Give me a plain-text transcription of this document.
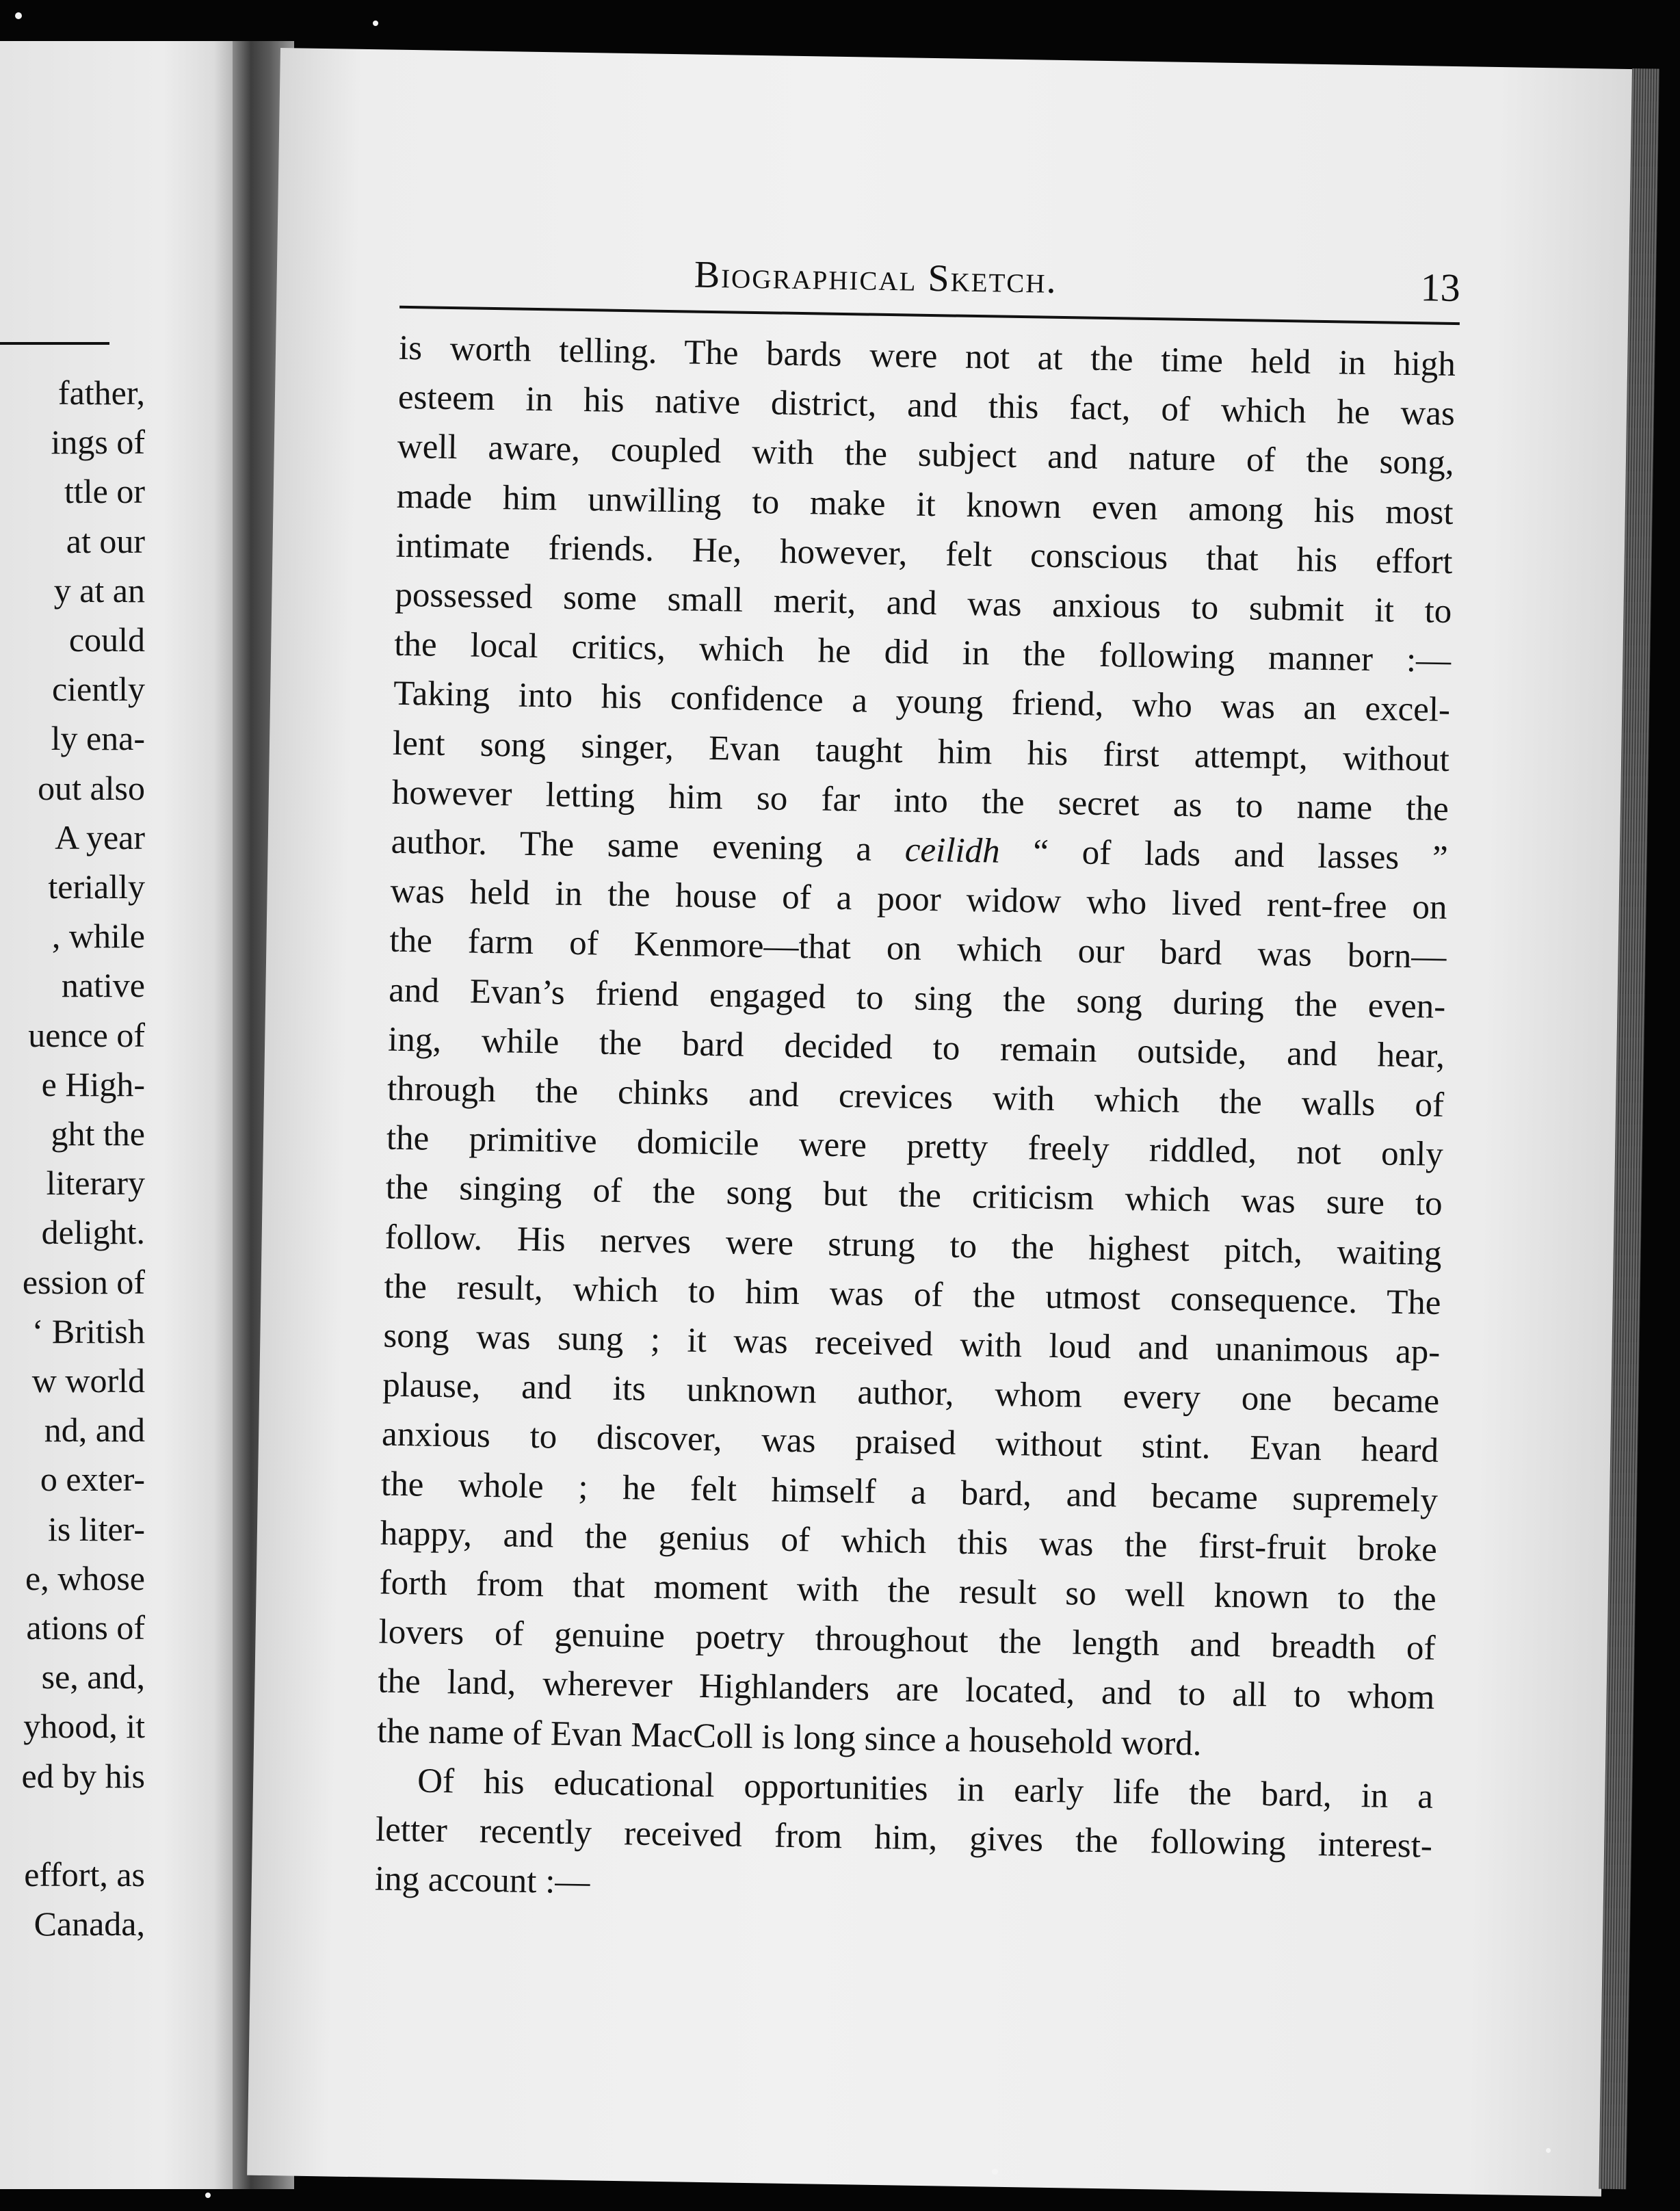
father,
ings of
ttle or
at our
y at an
could
ciently
ly ena-
out also
A year
terially
, while
native
uence of
e High-
ght the
literary
delight.
ession of
‘ British
w world
nd, and
o exter-
is liter-
e, whose
ations of
se, and,
yhood, it
ed by his
effort, as
Canada,
Biographical Sketch.	13

is worth telling. The bards were not at the time held in high
esteem in his native district, and this fact, of which he was
well aware, coupled with the subject and nature of the song,
made him unwilling to make it known even among his most
intimate friends. He, however, felt conscious that his effort
possessed some small merit, and was anxious to submit it to
the local critics, which he did in the following manner :—
Taking into his confidence a young friend, who was an excel-
lent song singer, Evan taught him his first attempt, without
however letting him so far into the secret as to name the
author. The same evening a ceilidh “ of lads and lasses ”
was held in the house of a poor widow who lived rent-free on
the farm of Kenmore—that on which our bard was born—
and Evan’s friend engaged to sing the song during the even-
ing, while the bard decided to remain outside, and hear,
through the chinks and crevices with which the walls of
the primitive domicile were pretty freely riddled, not only
the singing of the song but the criticism which was sure to
follow. His nerves were strung to the highest pitch, waiting
the result, which to him was of the utmost consequence. The
song was sung ; it was received with loud and unanimous ap-
plause, and its unknown author, whom every one became
anxious to discover, was praised without stint. Evan heard
the whole ; he felt himself a bard, and became supremely
happy, and the genius of which this was the first-fruit broke
forth from that moment with the result so well known to the
lovers of genuine poetry throughout the length and breadth of
the land, wherever Highlanders are located, and to all to whom
the name of Evan MacColl is long since a household word.

Of his educational opportunities in early life the bard, in a
letter recently received from him, gives the following interest-
ing account :—
